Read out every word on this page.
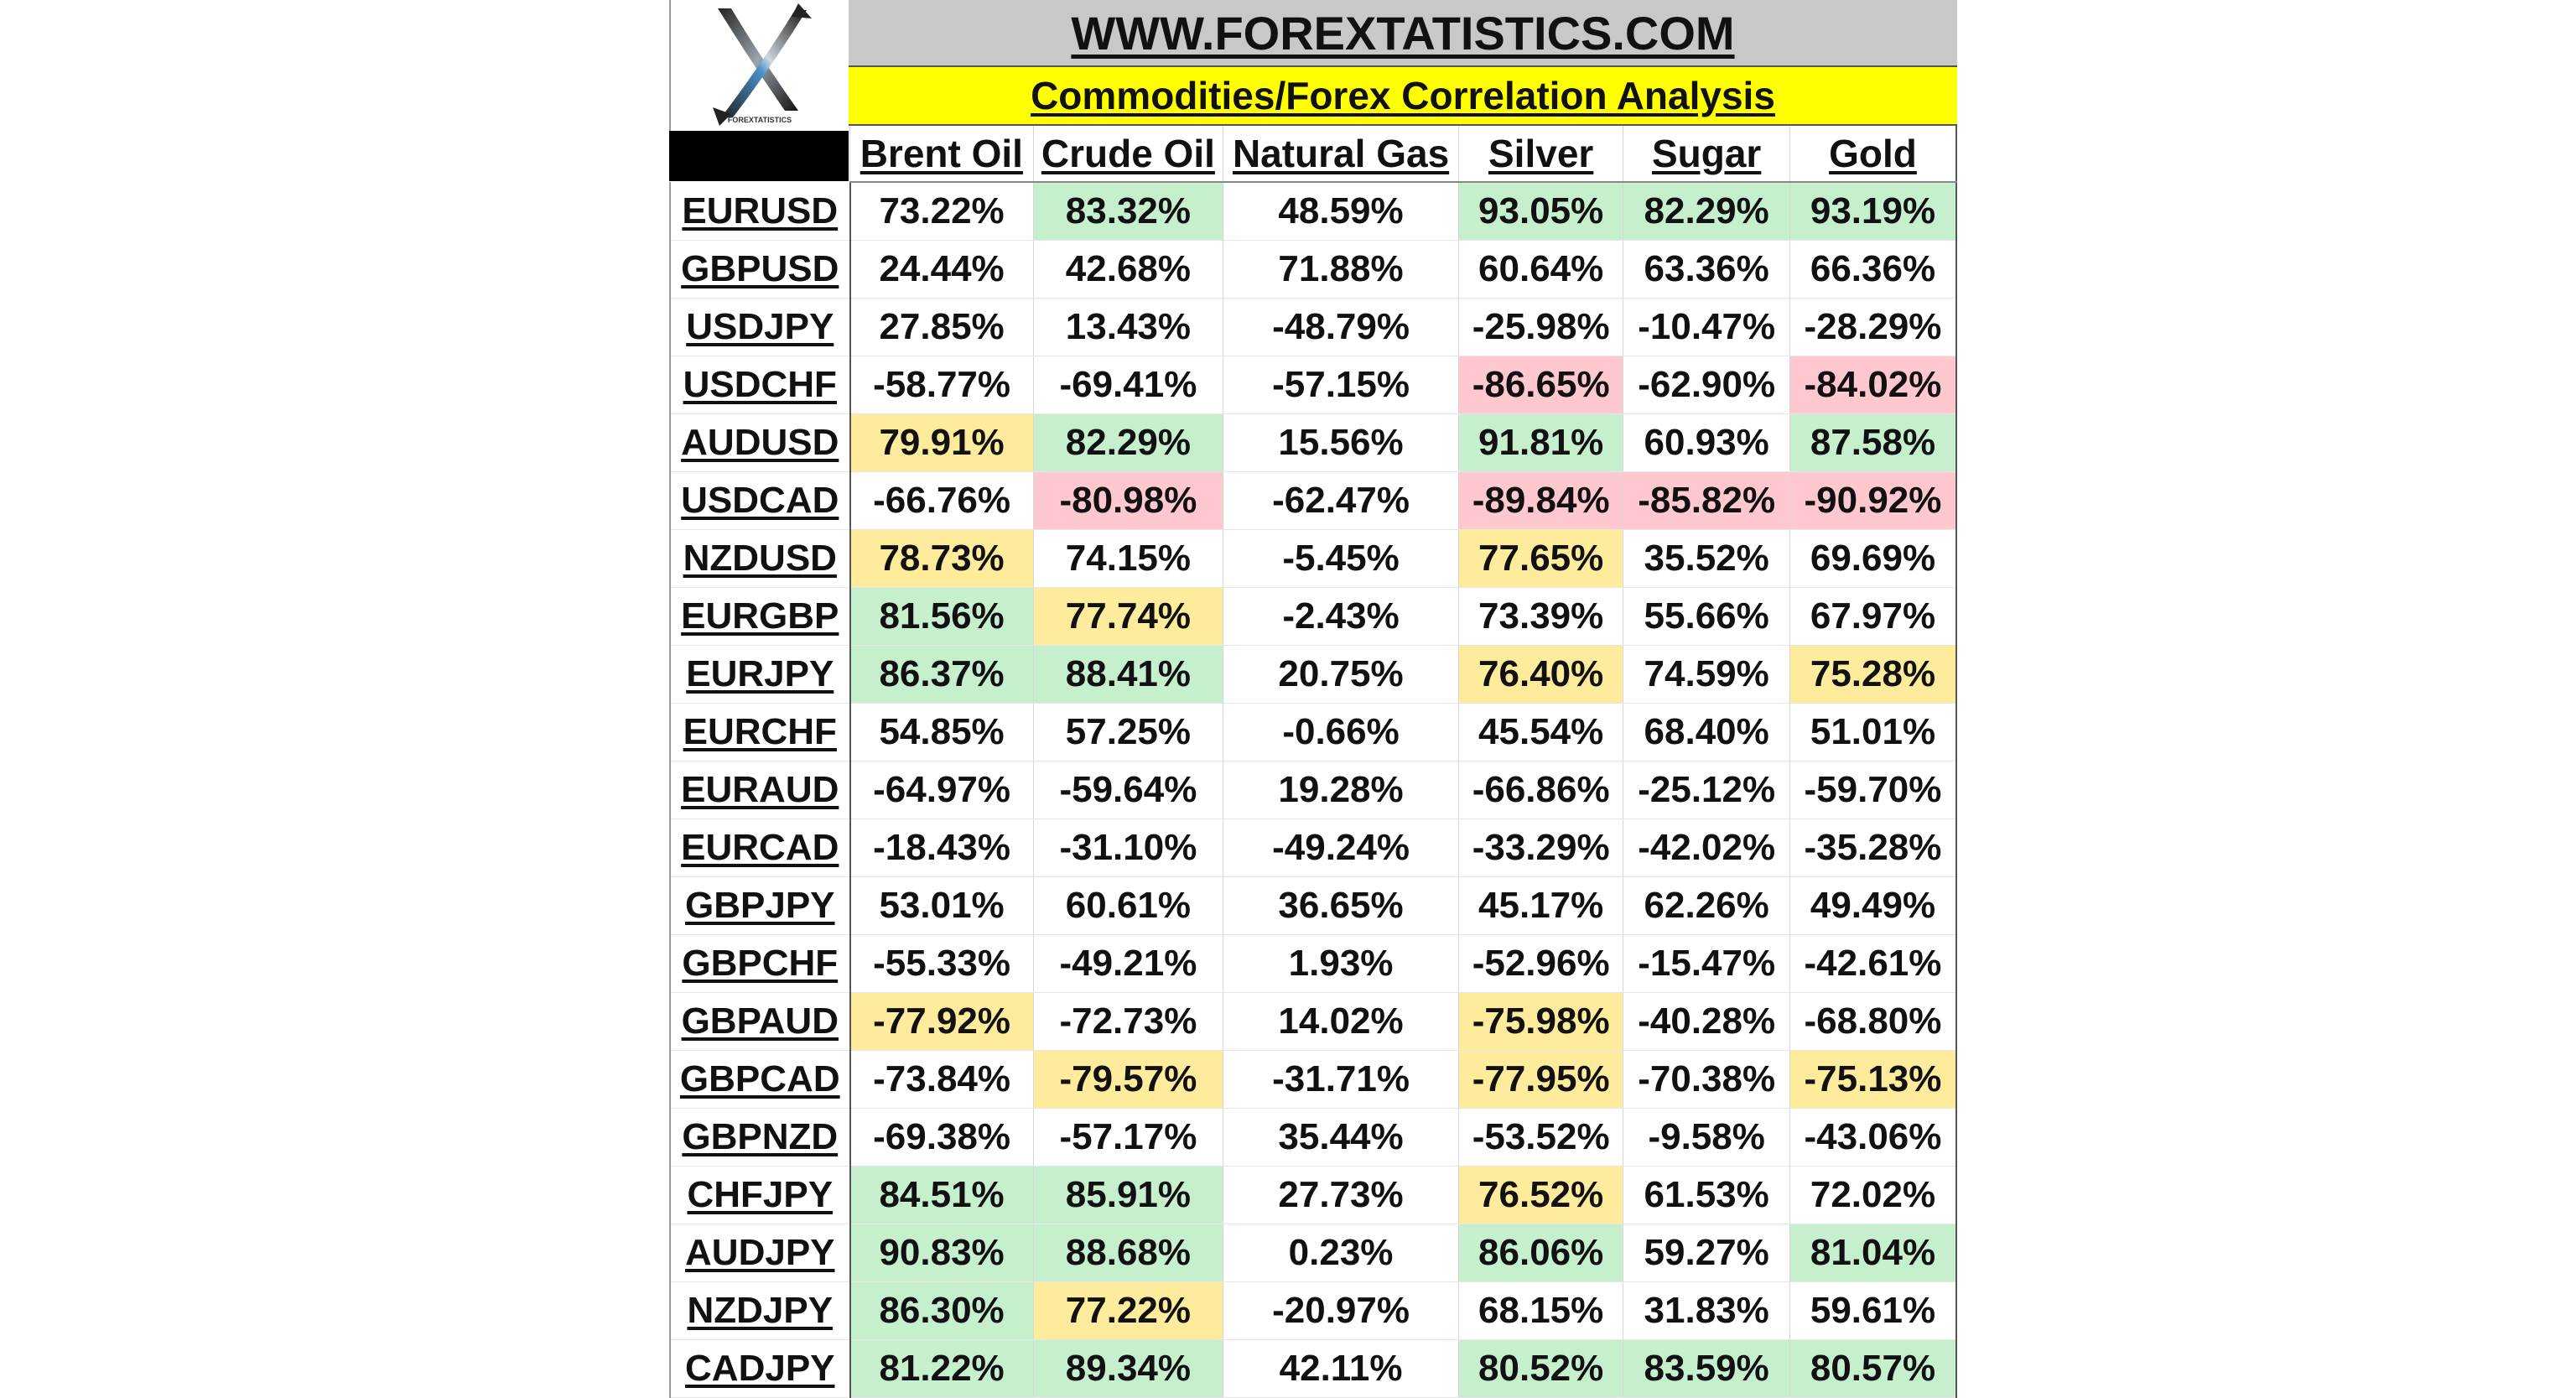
FOREXTATISTICS
WWW.FOREXTATISTICS.COM
Commodities/Forex Correlation Analysis
	Brent Oil	Crude Oil	Natural Gas	Silver	Sugar	Gold
EURUSD	73.22%	83.32%	48.59%	93.05%	82.29%	93.19%
GBPUSD	24.44%	42.68%	71.88%	60.64%	63.36%	66.36%
USDJPY	27.85%	13.43%	-48.79%	-25.98%	-10.47%	-28.29%
USDCHF	-58.77%	-69.41%	-57.15%	-86.65%	-62.90%	-84.02%
AUDUSD	79.91%	82.29%	15.56%	91.81%	60.93%	87.58%
USDCAD	-66.76%	-80.98%	-62.47%	-89.84%	-85.82%	-90.92%
NZDUSD	78.73%	74.15%	-5.45%	77.65%	35.52%	69.69%
EURGBP	81.56%	77.74%	-2.43%	73.39%	55.66%	67.97%
EURJPY	86.37%	88.41%	20.75%	76.40%	74.59%	75.28%
EURCHF	54.85%	57.25%	-0.66%	45.54%	68.40%	51.01%
EURAUD	-64.97%	-59.64%	19.28%	-66.86%	-25.12%	-59.70%
EURCAD	-18.43%	-31.10%	-49.24%	-33.29%	-42.02%	-35.28%
GBPJPY	53.01%	60.61%	36.65%	45.17%	62.26%	49.49%
GBPCHF	-55.33%	-49.21%	1.93%	-52.96%	-15.47%	-42.61%
GBPAUD	-77.92%	-72.73%	14.02%	-75.98%	-40.28%	-68.80%
GBPCAD	-73.84%	-79.57%	-31.71%	-77.95%	-70.38%	-75.13%
GBPNZD	-69.38%	-57.17%	35.44%	-53.52%	-9.58%	-43.06%
CHFJPY	84.51%	85.91%	27.73%	76.52%	61.53%	72.02%
AUDJPY	90.83%	88.68%	0.23%	86.06%	59.27%	81.04%
NZDJPY	86.30%	77.22%	-20.97%	68.15%	31.83%	59.61%
CADJPY	81.22%	89.34%	42.11%	80.52%	83.59%	80.57%
